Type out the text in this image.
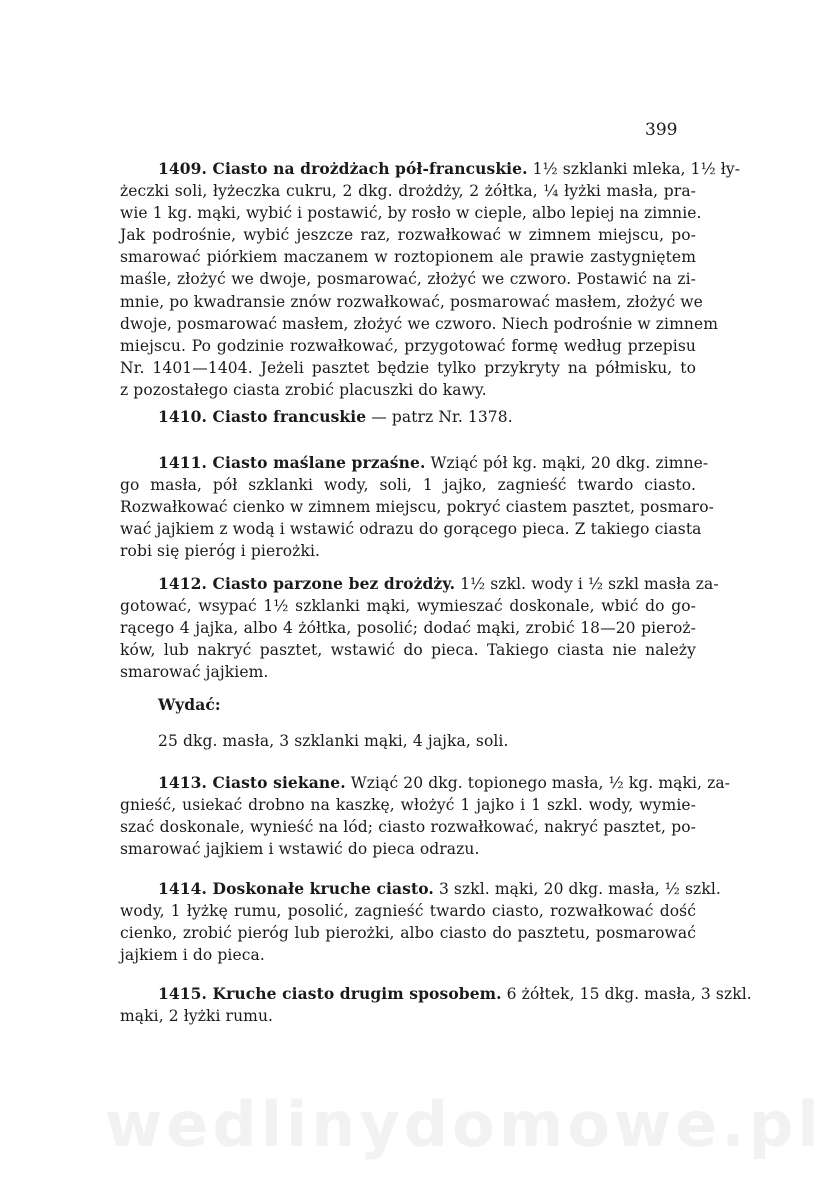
399
1409. Ciasto na drożdżach pół-francuskie. 1½ szklanki mleka, 1½ ły-
żeczki soli, łyżeczka cukru, 2 dkg. drożdży, 2 żółtka, ¼ łyżki masła, pra-
wie 1 kg. mąki, wybić i postawić, by rosło w cieple, albo lepiej na zimnie.
Jak podrośnie, wybić jeszcze raz, rozwałkować w zimnem miejscu, po-
smarować piórkiem maczanem w roztopionem ale prawie zastygniętem
maśle, złożyć we dwoje, posmarować, złożyć we czworo. Postawić na zi-
mnie, po kwadransie znów rozwałkować, posmarować masłem, złożyć we
dwoje, posmarować masłem, złożyć we czworo. Niech podrośnie w zimnem
miejscu. Po godzinie rozwałkować, przygotować formę według przepisu
Nr. 1401—1404. Jeżeli pasztet będzie tylko przykryty na półmisku, to
z pozostałego ciasta zrobić placuszki do kawy.
1410. Ciasto francuskie — patrz Nr. 1378.
1411. Ciasto maślane przaśne. Wziąć pół kg. mąki, 20 dkg. zimne-
go masła, pół szklanki wody, soli, 1 jajko, zagnieść twardo ciasto.
Rozwałkować cienko w zimnem miejscu, pokryć ciastem pasztet, posmaro-
wać jajkiem z wodą i wstawić odrazu do gorącego pieca. Z takiego ciasta
robi się pieróg i pierożki.
1412. Ciasto parzone bez drożdży. 1½ szkl. wody i ½ szkl masła za-
gotować, wsypać 1½ szklanki mąki, wymieszać doskonale, wbić do go-
rącego 4 jajka, albo 4 żółtka, posolić; dodać mąki, zrobić 18—20 pieroż-
ków, lub nakryć pasztet, wstawić do pieca. Takiego ciasta nie należy
smarować jajkiem.
Wydać:
25 dkg. masła, 3 szklanki mąki, 4 jajka, soli.
1413. Ciasto siekane. Wziąć 20 dkg. topionego masła, ½ kg. mąki, za-
gnieść, usiekać drobno na kaszkę, włożyć 1 jajko i 1 szkl. wody, wymie-
szać doskonale, wynieść na lód; ciasto rozwałkować, nakryć pasztet, po-
smarować jajkiem i wstawić do pieca odrazu.
1414. Doskonałe kruche ciasto. 3 szkl. mąki, 20 dkg. masła, ½ szkl.
wody, 1 łyżkę rumu, posolić, zagnieść twardo ciasto, rozwałkować dość
cienko, zrobić pieróg lub pierożki, albo ciasto do pasztetu, posmarować
jajkiem i do pieca.
1415. Kruche ciasto drugim sposobem. 6 żółtek, 15 dkg. masła, 3 szkl.
mąki, 2 łyżki rumu.
wedlinydomowe.pl
